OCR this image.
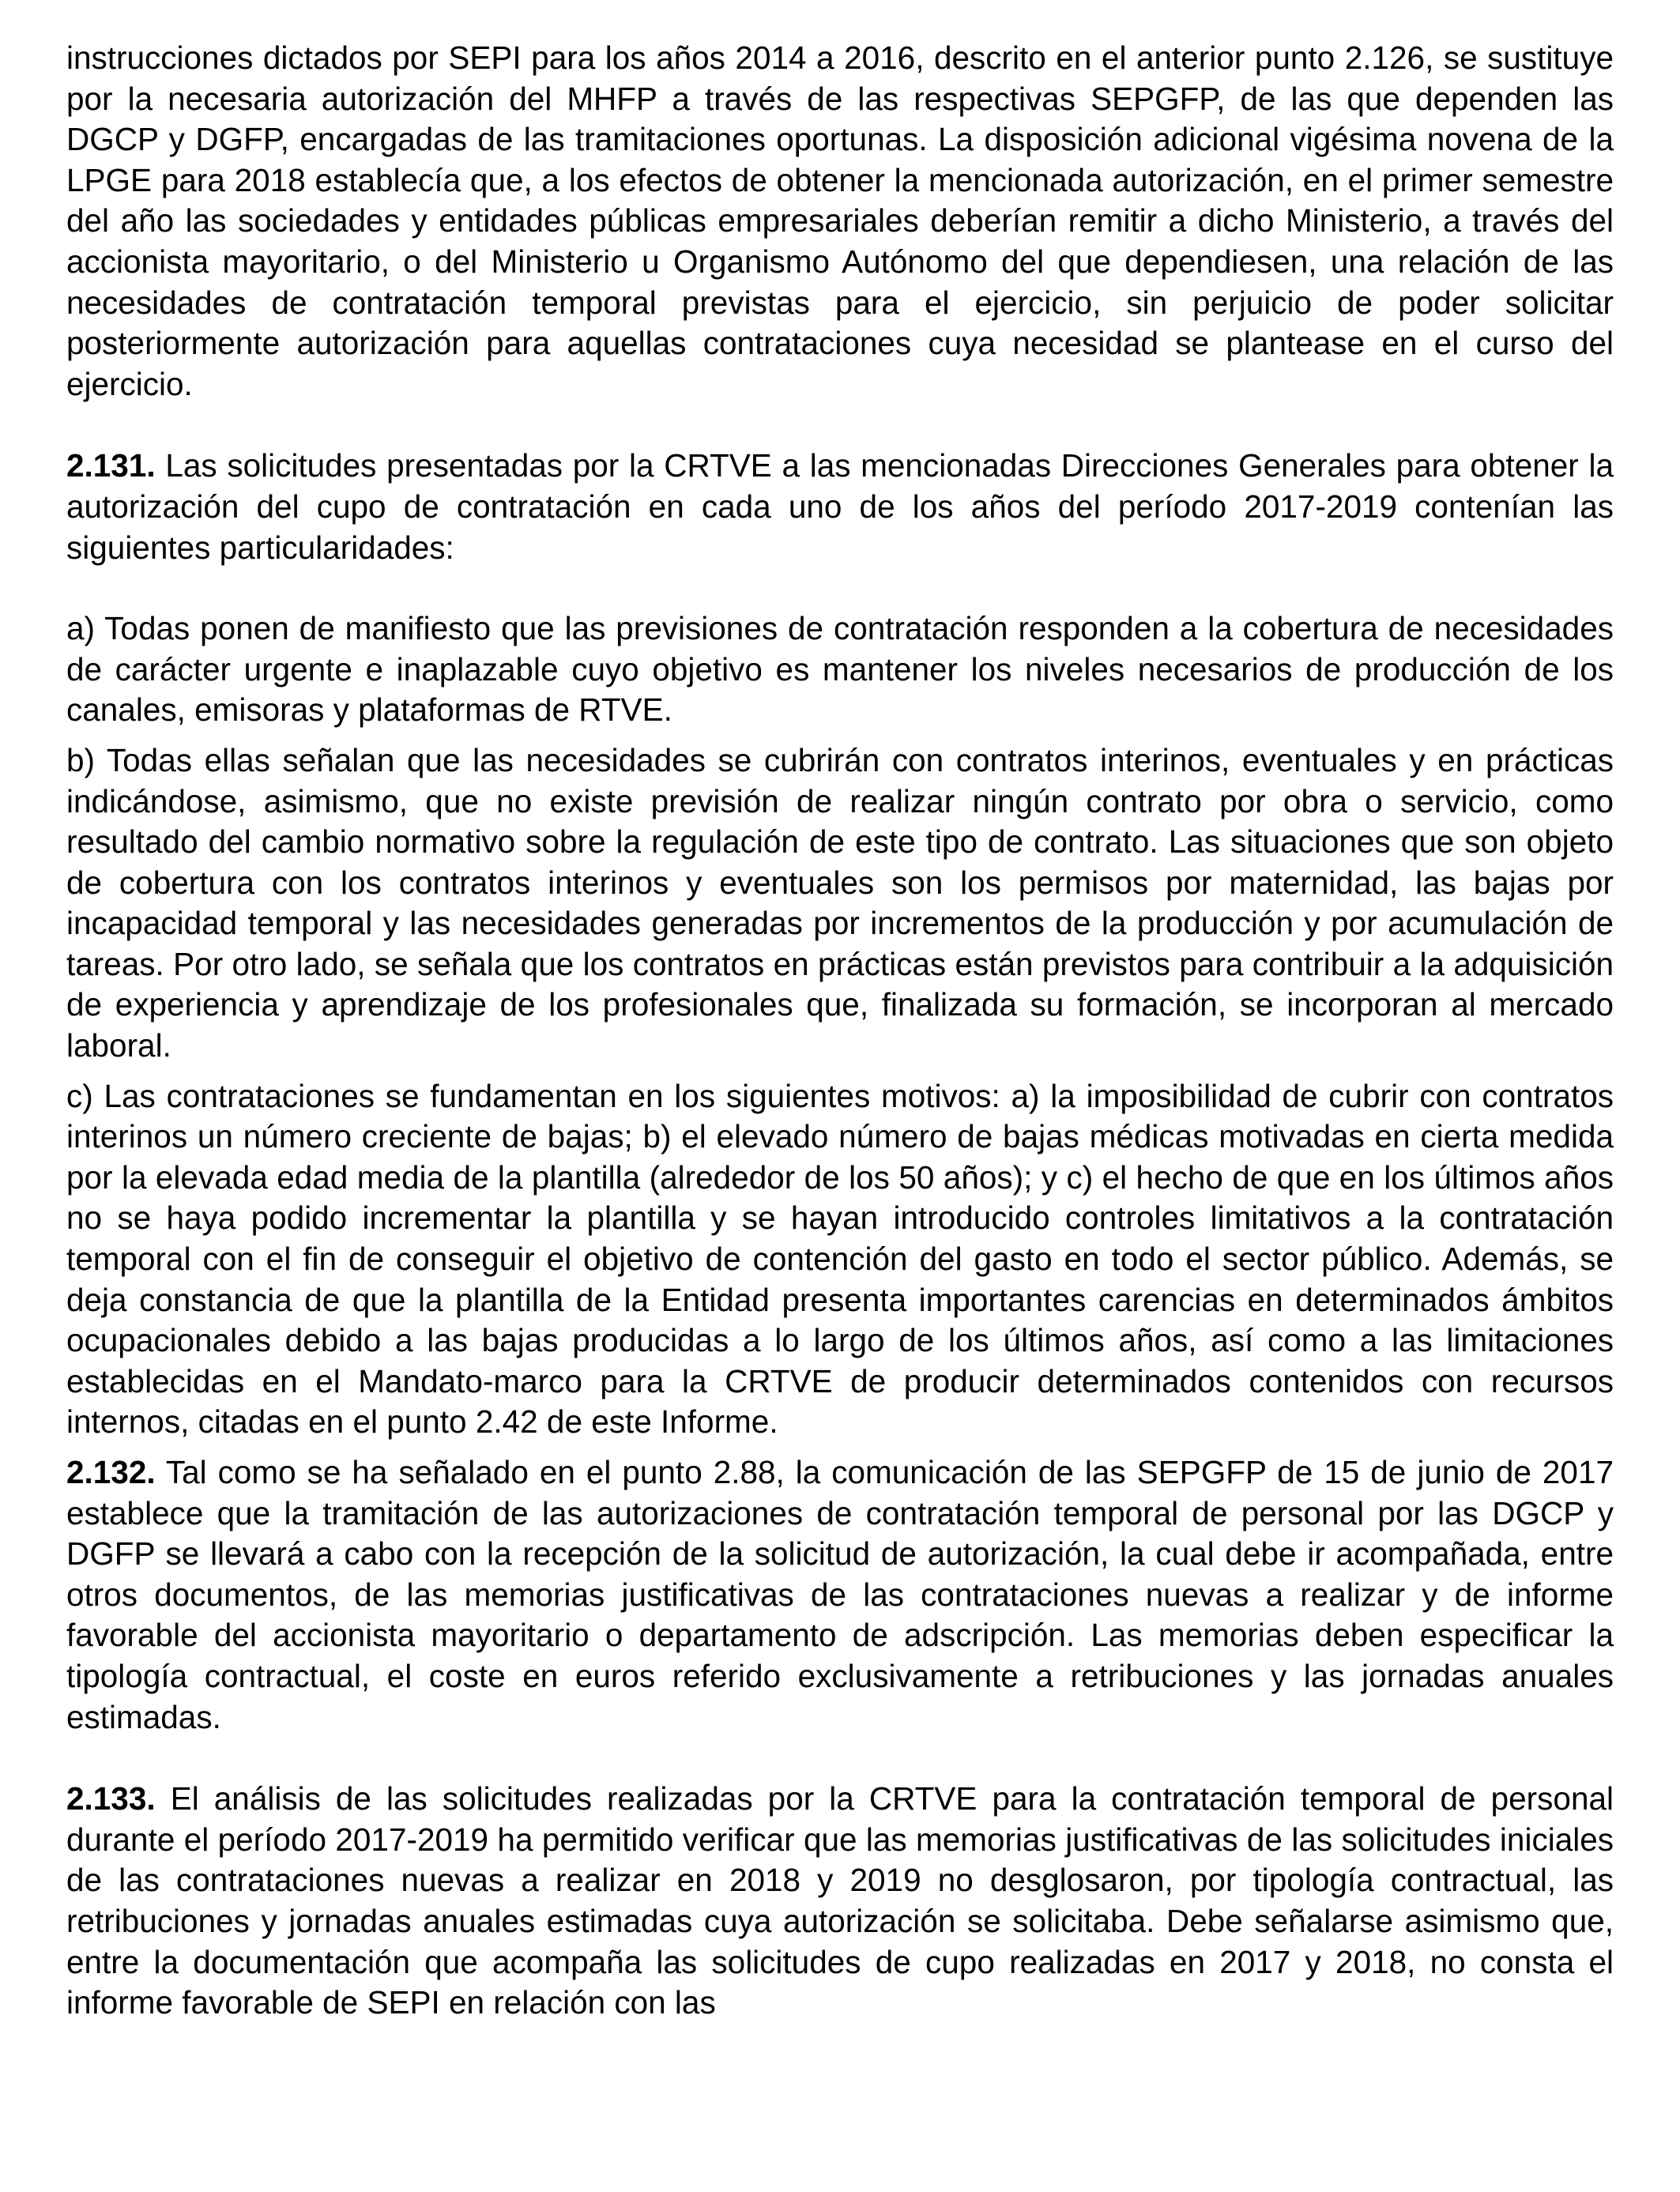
instrucciones dictados por SEPI para los años 2014 a 2016, descrito en el anterior punto 2.126, se sustituye por la necesaria autorización del MHFP a través de las respectivas SEPGFP, de las que dependen las DGCP y DGFP, encargadas de las tramitaciones oportunas. La disposición adicional vigésima novena de la LPGE para 2018 establecía que, a los efectos de obtener la mencionada autorización, en el primer semestre del año las sociedades y entidades públicas empresariales deberían remitir a dicho Ministerio, a través del accionista mayoritario, o del Ministerio u Organismo Autónomo del que dependiesen, una relación de las necesidades de contratación temporal previstas para el ejercicio, sin perjuicio de poder solicitar posteriormente autorización para aquellas contrataciones cuya necesidad se plantease en el curso del ejercicio.

2.131. Las solicitudes presentadas por la CRTVE a las mencionadas Direcciones Generales para obtener la autorización del cupo de contratación en cada uno de los años del período 2017-2019 contenían las siguientes particularidades:

a) Todas ponen de manifiesto que las previsiones de contratación responden a la cobertura de necesidades de carácter urgente e inaplazable cuyo objetivo es mantener los niveles necesarios de producción de los canales, emisoras y plataformas de RTVE.

b) Todas ellas señalan que las necesidades se cubrirán con contratos interinos, eventuales y en prácticas indicándose, asimismo, que no existe previsión de realizar ningún contrato por obra o servicio, como resultado del cambio normativo sobre la regulación de este tipo de contrato. Las situaciones que son objeto de cobertura con los contratos interinos y eventuales son los permisos por maternidad, las bajas por incapacidad temporal y las necesidades generadas por incrementos de la producción y por acumulación de tareas. Por otro lado, se señala que los contratos en prácticas están previstos para contribuir a la adquisición de experiencia y aprendizaje de los profesionales que, finalizada su formación, se incorporan al mercado laboral.

c) Las contrataciones se fundamentan en los siguientes motivos: a) la imposibilidad de cubrir con contratos interinos un número creciente de bajas; b) el elevado número de bajas médicas motivadas en cierta medida por la elevada edad media de la plantilla (alrededor de los 50 años); y c) el hecho de que en los últimos años no se haya podido incrementar la plantilla y se hayan introducido controles limitativos a la contratación temporal con el fin de conseguir el objetivo de contención del gasto en todo el sector público. Además, se deja constancia de que la plantilla de la Entidad presenta importantes carencias en determinados ámbitos ocupacionales debido a las bajas producidas a lo largo de los últimos años, así como a las limitaciones establecidas en el Mandato-marco para la CRTVE de producir determinados contenidos con recursos internos, citadas en el punto 2.42 de este Informe.

2.132. Tal como se ha señalado en el punto 2.88, la comunicación de las SEPGFP de 15 de junio de 2017 establece que la tramitación de las autorizaciones de contratación temporal de personal por las DGCP y DGFP se llevará a cabo con la recepción de la solicitud de autorización, la cual debe ir acompañada, entre otros documentos, de las memorias justificativas de las contrataciones nuevas a realizar y de informe favorable del accionista mayoritario o departamento de adscripción. Las memorias deben especificar la tipología contractual, el coste en euros referido exclusivamente a retribuciones y las jornadas anuales estimadas.

2.133. El análisis de las solicitudes realizadas por la CRTVE para la contratación temporal de personal durante el período 2017-2019 ha permitido verificar que las memorias justificativas de las solicitudes iniciales de las contrataciones nuevas a realizar en 2018 y 2019 no desglosaron, por tipología contractual, las retribuciones y jornadas anuales estimadas cuya autorización se solicitaba. Debe señalarse asimismo que, entre la documentación que acompaña las solicitudes de cupo realizadas en 2017 y 2018, no consta el informe favorable de SEPI en relación con las
